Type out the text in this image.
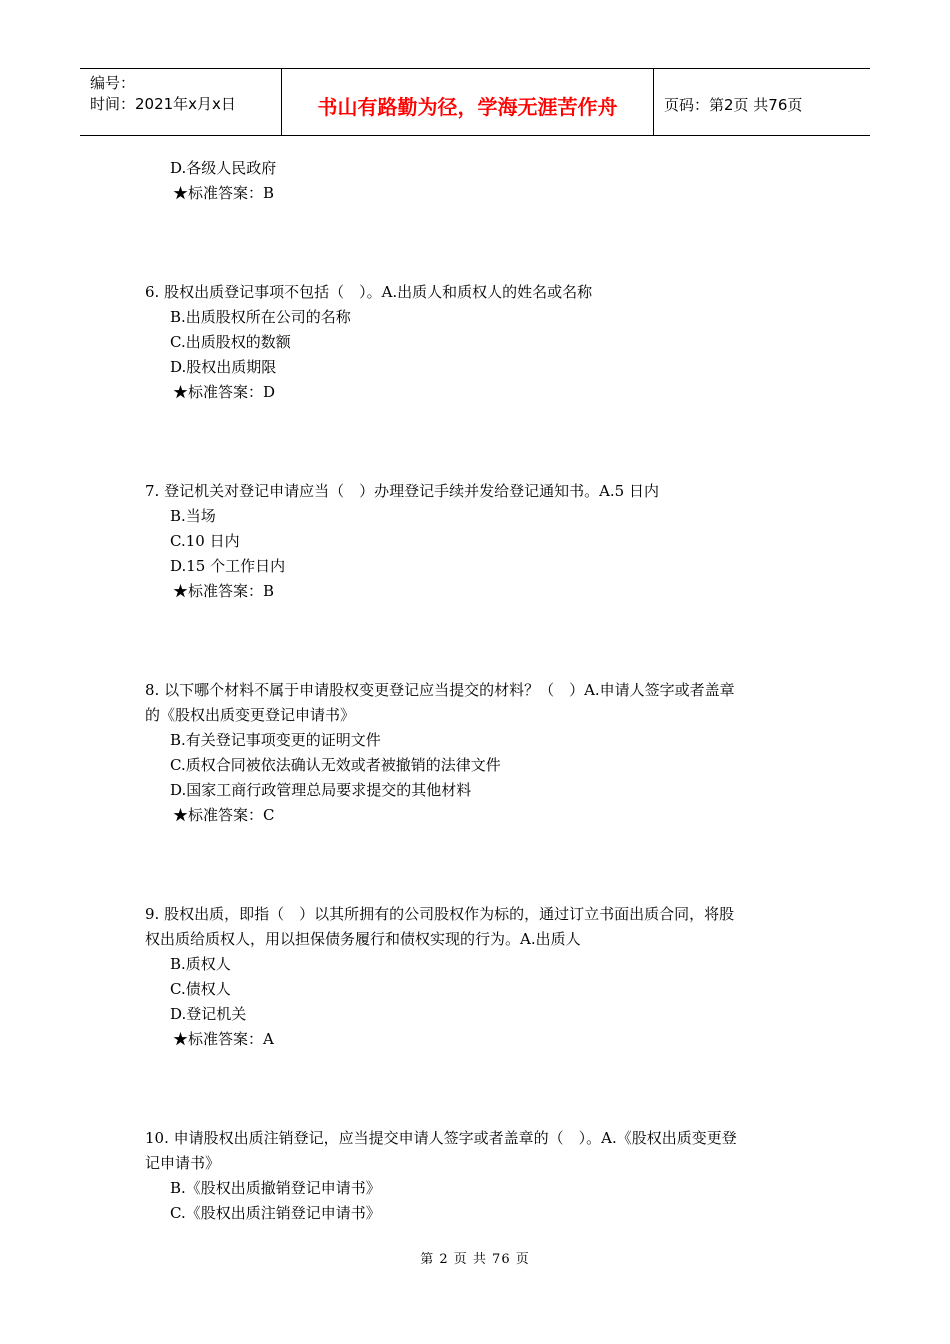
编号：
时间：2021年x月x日	书山有路勤为径，学海无涯苦作舟	页码：第2页 共76页
D.各级人民政府
★标准答案：B
6. 股权出质登记事项不包括（　）。A.出质人和质权人的姓名或名称
B.出质股权所在公司的名称
C.出质股权的数额
D.股权出质期限
★标准答案：D
7. 登记机关对登记申请应当（　）办理登记手续并发给登记通知书。A.5 日内
B.当场
C.10 日内
D.15 个工作日内
★标准答案：B
8. 以下哪个材料不属于申请股权变更登记应当提交的材料？（　）A.申请人签字或者盖章
的《股权出质变更登记申请书》
B.有关登记事项变更的证明文件
C.质权合同被依法确认无效或者被撤销的法律文件
D.国家工商行政管理总局要求提交的其他材料
★标准答案：C
9. 股权出质，即指（　）以其所拥有的公司股权作为标的，通过订立书面出质合同，将股
权出质给质权人，用以担保债务履行和债权实现的行为。A.出质人
B.质权人
C.债权人
D.登记机关
★标准答案：A
10. 申请股权出质注销登记，应当提交申请人签字或者盖章的（　）。A.《股权出质变更登
记申请书》
B.《股权出质撤销登记申请书》
C.《股权出质注销登记申请书》
第 2 页 共 76 页
